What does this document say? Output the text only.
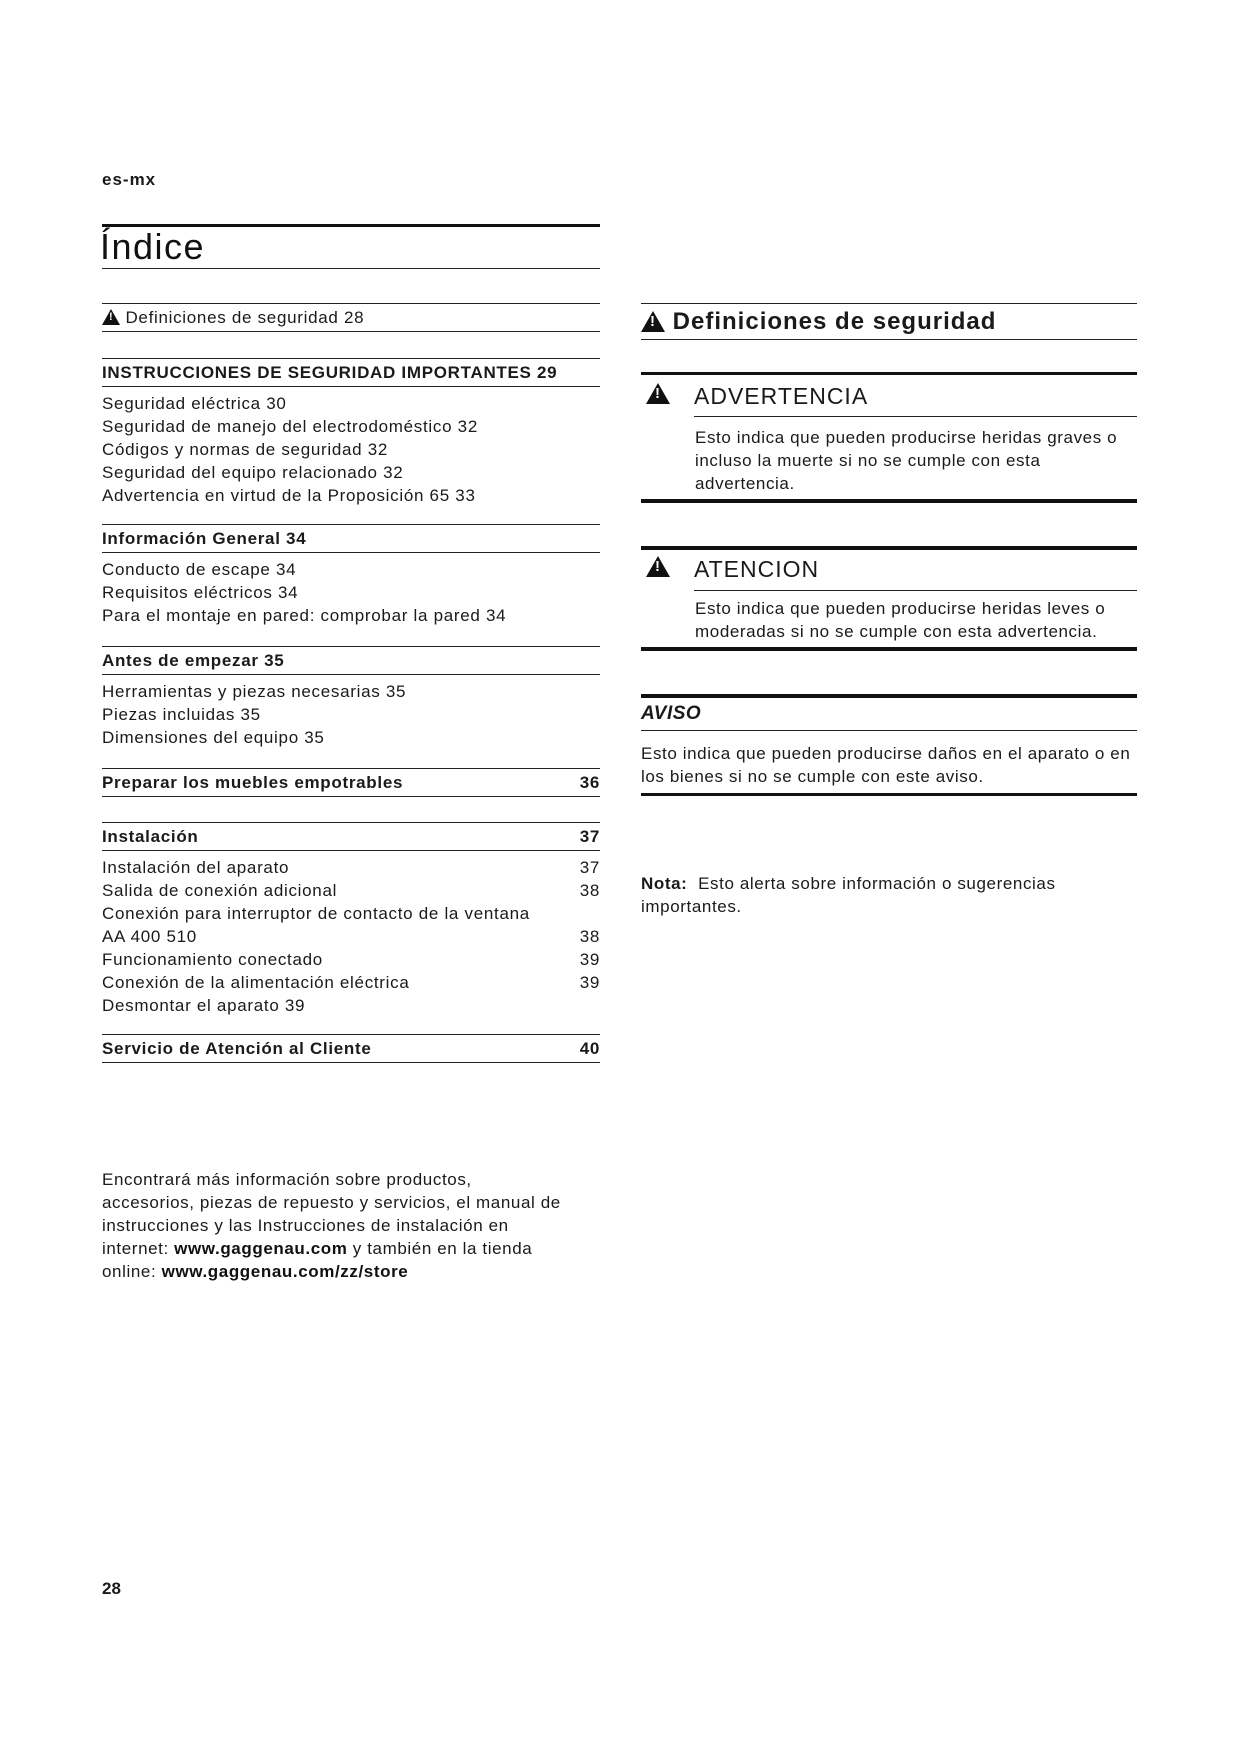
es-mx
Índice
! Definiciones de seguridad 28
INSTRUCCIONES DE SEGURIDAD IMPORTANTES 29
Seguridad eléctrica 30
Seguridad de manejo del electrodoméstico 32
Códigos y normas de seguridad 32
Seguridad del equipo relacionado 32
Advertencia en virtud de la Proposición 65 33
Información General 34
Conducto de escape 34
Requisitos eléctricos 34
Para el montaje en pared: comprobar la pared 34
Antes de empezar 35
Herramientas y piezas necesarias 35
Piezas incluidas 35
Dimensiones del equipo 35
Preparar los muebles empotrables	36
Instalación	37
Instalación del aparato	37
Salida de conexión adicional	38
Conexión para interruptor de contacto de la ventana
AA 400 510	38
Funcionamiento conectado	39
Conexión de la alimentación eléctrica	39
Desmontar el aparato 39
Servicio de Atención al Cliente	40
Encontrará más información sobre productos,
accesorios, piezas de repuesto y servicios, el manual de
instrucciones y las Instrucciones de instalación en
internet: www.gaggenau.com y también en la tienda
online: www.gaggenau.com/zz/store
! Definiciones de seguridad
!
ADVERTENCIA
Esto indica que pueden producirse heridas graves o incluso la muerte si no se cumple con esta advertencia.
!
ATENCION
Esto indica que pueden producirse heridas leves o moderadas si no se cumple con esta advertencia.
AVISO
Esto indica que pueden producirse daños en el aparato o en los bienes si no se cumple con este aviso.
Nota: Esto alerta sobre información o sugerencias importantes.
28
